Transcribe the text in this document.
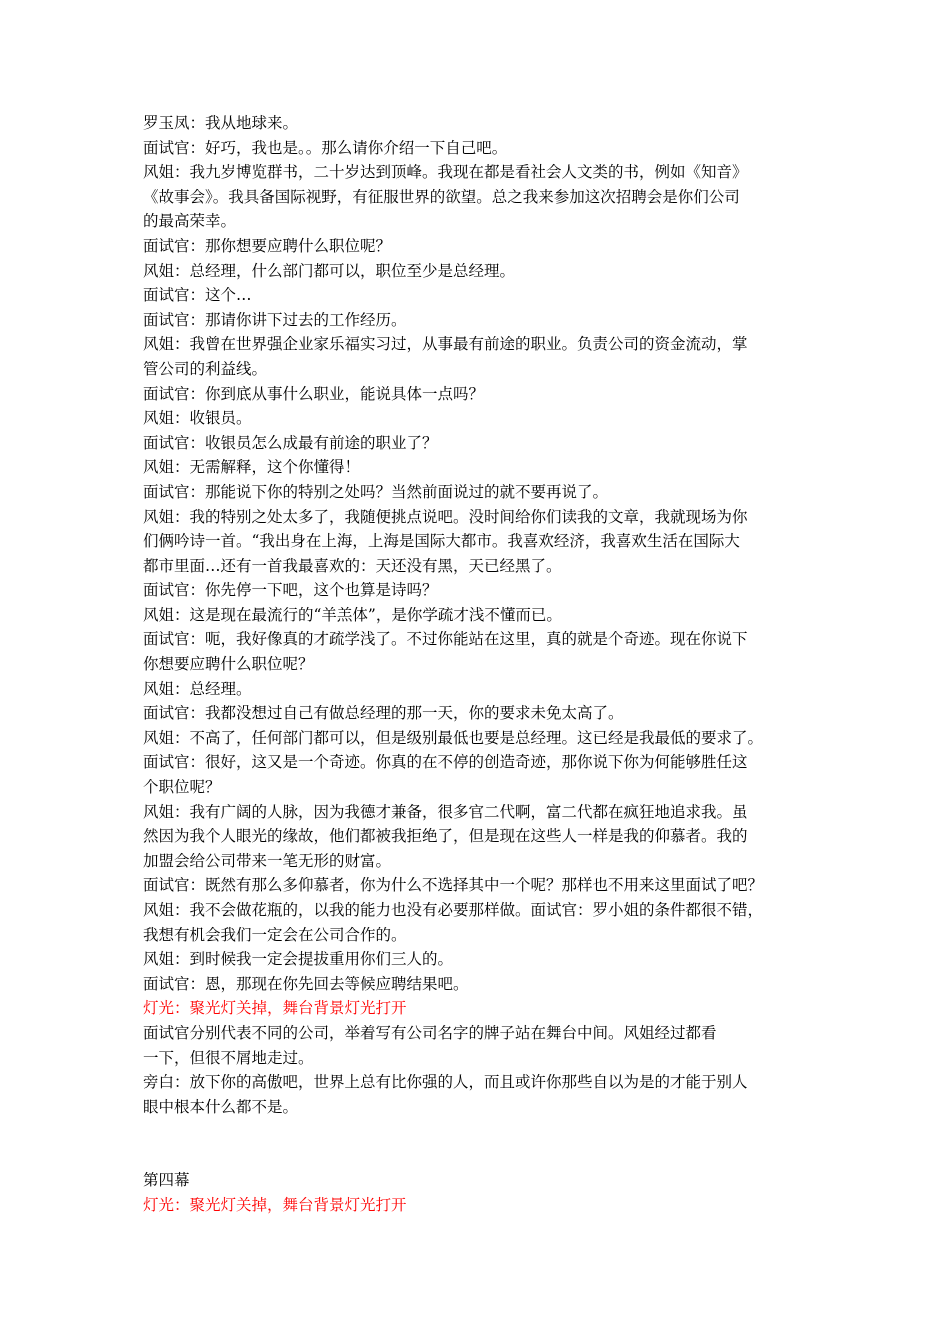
罗玉凤：我从地球来。
面试官：好巧，我也是。。那么请你介绍一下自己吧。
风姐：我九岁博览群书，二十岁达到顶峰。我现在都是看社会人文类的书，例如《知音》
《故事会》。我具备国际视野，有征服世界的欲望。总之我来参加这次招聘会是你们公司
的最高荣幸。
面试官：那你想要应聘什么职位呢？
风姐：总经理，什么部门都可以，职位至少是总经理。
面试官：这个…
面试官：那请你讲下过去的工作经历。
风姐：我曾在世界强企业家乐福实习过，从事最有前途的职业。负责公司的资金流动，掌
管公司的利益线。
面试官：你到底从事什么职业，能说具体一点吗？
风姐：收银员。
面试官：收银员怎么成最有前途的职业了？
风姐：无需解释，这个你懂得！
面试官：那能说下你的特别之处吗？当然前面说过的就不要再说了。
风姐：我的特别之处太多了，我随便挑点说吧。没时间给你们读我的文章，我就现场为你
们俩吟诗一首。“我出身在上海，上海是国际大都市。我喜欢经济，我喜欢生活在国际大
都市里面…还有一首我最喜欢的：天还没有黑，天已经黑了。
面试官：你先停一下吧，这个也算是诗吗？
风姐：这是现在最流行的“羊羔体”，是你学疏才浅不懂而已。
面试官：呃，我好像真的才疏学浅了。不过你能站在这里，真的就是个奇迹。现在你说下
你想要应聘什么职位呢？
风姐：总经理。
面试官：我都没想过自己有做总经理的那一天，你的要求未免太高了。
风姐：不高了，任何部门都可以，但是级别最低也要是总经理。这已经是我最低的要求了。
面试官：很好，这又是一个奇迹。你真的在不停的创造奇迹，那你说下你为何能够胜任这
个职位呢？
风姐：我有广阔的人脉，因为我德才兼备，很多官二代啊，富二代都在疯狂地追求我。虽
然因为我个人眼光的缘故，他们都被我拒绝了，但是现在这些人一样是我的仰慕者。我的
加盟会给公司带来一笔无形的财富。
面试官：既然有那么多仰慕者，你为什么不选择其中一个呢？那样也不用来这里面试了吧？
风姐：我不会做花瓶的，以我的能力也没有必要那样做。面试官：罗小姐的条件都很不错，
我想有机会我们一定会在公司合作的。
风姐：到时候我一定会提拔重用你们三人的。
面试官：恩，那现在你先回去等候应聘结果吧。
灯光：聚光灯关掉，舞台背景灯光打开
面试官分别代表不同的公司，举着写有公司名字的牌子站在舞台中间。风姐经过都看
一下，但很不屑地走过。
旁白：放下你的高傲吧，世界上总有比你强的人，而且或许你那些自以为是的才能于别人
眼中根本什么都不是。
第四幕
灯光：聚光灯关掉，舞台背景灯光打开
